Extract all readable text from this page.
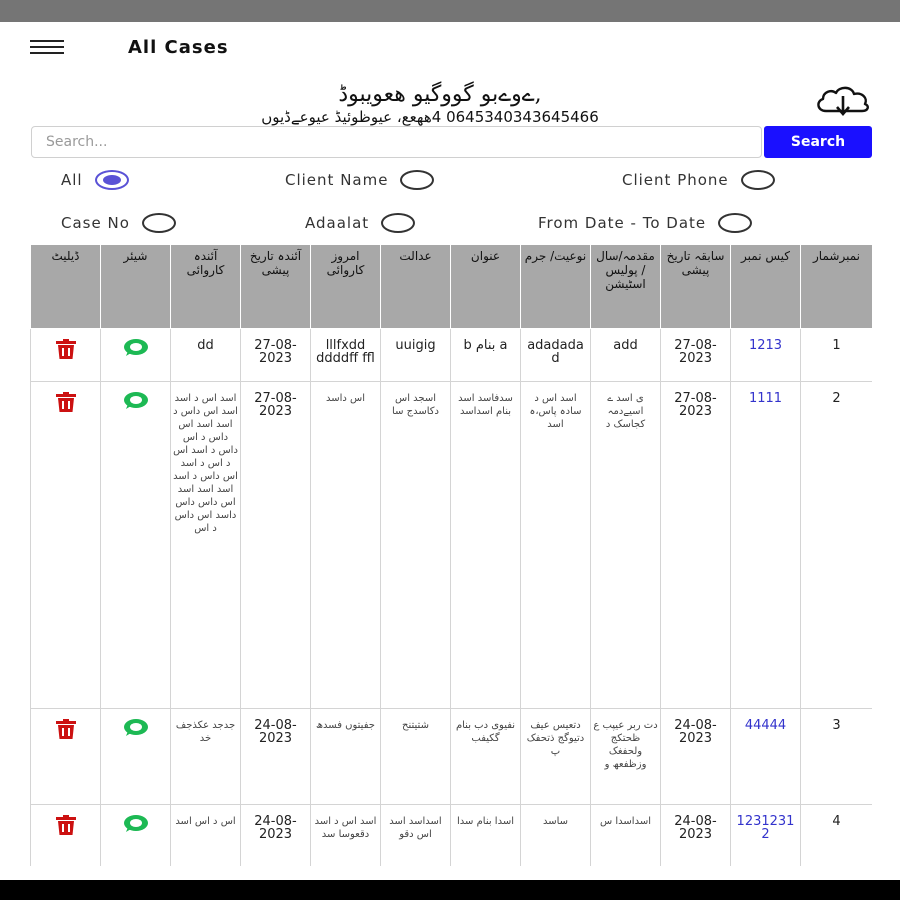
All Cases
,ےوےبو گووگیو هعویبوڈ
0645340343645466 4هھعع، عیوظوئیڈ عیوعےڈیوں
Search...
Search
All	Client Name	Client Phone
Case No	Adaalat	From Date - To Date
ڈیلیٹ	شیئر	آئندہ کاروائی	آئندہ تاریخ پیشی	امروز کاروائی	عدالت	عنوان	نوعیت/ جرم	مقدمہ/سال / پولیس اسٹیشن	سابقہ تاریخ پیشی	کیس نمبر	نمبرشمار
		dd	27-08-2023	lllfxdd ddddff ffl	uuigig	b بنام a	adadada d	add	27-08-2023	1213	1
		اسد اس د اسد اسد اس داس د اسد اسد اس داس د اس داس د اسد اس د اس د اسد اس داس د اسد اسد اسد اسد اس داس داس داسد اس داس د اس	27-08-2023	اس داسد	اسجد اس دکاسدج سا	سدفاسد اسد بنام اسداسد	اسد اس د سادہ پاس،ہ اسد	ی اسد ے اسیےدمہ کجاسک د	27-08-2023	1111	2
		جدجد عکذجف خد	24-08-2023	جفیتوں فسدھ	شتیتنح	نفیوی دب بنام گکیفب	دتعیس عیف دتیوگج ذتحفک پ	دت ربر عیپب ع ظحتکج ولحفغک وزظفعھ و	24-08-2023	44444	3
		اس د اس اسد	24-08-2023	اسد اس د اسد دقعوسا سد	اسداسد اسد اس دقو	اسدا بنام سدا	ساسد	اسداسدا س	24-08-2023	12312312	4
